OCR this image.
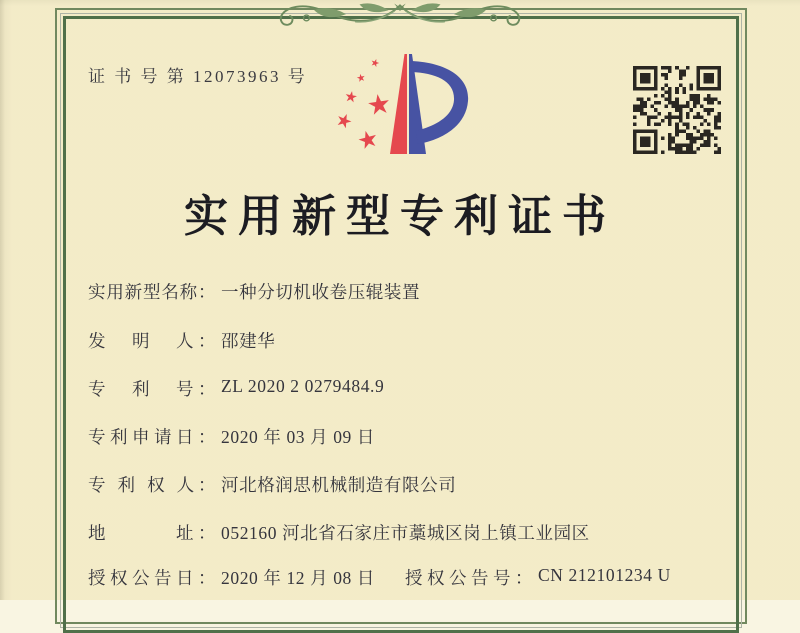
证 书 号 第 12073963 号
实用新型专利证书
实用新型名称： 一种分切机收卷压辊装置
发　明　人： 邵建华
专　利　号： ZL 2020 2 0279484.9
专利申请日： 2020 年 03 月 09 日
专 利 权 人： 河北格润思机械制造有限公司
地　　　址： 052160 河北省石家庄市藁城区岗上镇工业园区
授权公告日： 2020 年 12 月 08 日 授权公告号： CN 212101234 U
